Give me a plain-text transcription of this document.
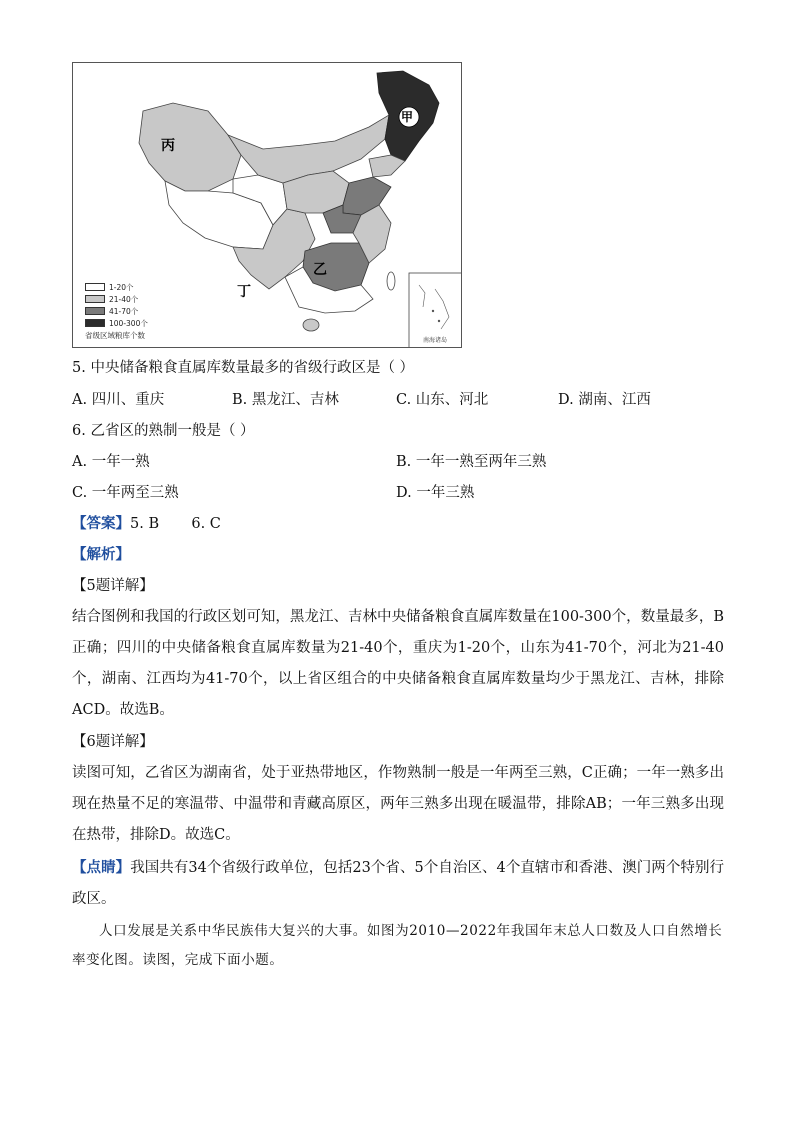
甲
乙
丙
丁
1-20个
21-40个
41-70个
100-300个
省级区域粮库个数
南海诸岛
5. 中央储备粮食直属库数量最多的省级行政区是（ ）
A. 四川、重庆	B. 黑龙江、吉林	C. 山东、河北	D. 湖南、江西
6. 乙省区的熟制一般是（ ）
A. 一年一熟	B. 一年一熟至两年三熟
C. 一年两至三熟	D. 一年三熟
【答案】5. B       6. C
【解析】
【5题详解】
结合图例和我国的行政区划可知，黑龙江、吉林中央储备粮食直属库数量在100-300个，数量最多，B正确；四川的中央储备粮食直属库数量为21-40个，重庆为1-20个，山东为41-70个，河北为21-40个，湖南、江西均为41-70个，以上省区组合的中央储备粮食直属库数量均少于黑龙江、吉林，排除ACD。故选B。
【6题详解】
读图可知，乙省区为湖南省，处于亚热带地区，作物熟制一般是一年两至三熟，C正确；一年一熟多出现在热量不足的寒温带、中温带和青藏高原区，两年三熟多出现在暖温带，排除AB；一年三熟多出现在热带，排除D。故选C。
【点睛】我国共有34个省级行政单位，包括23个省、5个自治区、4个直辖市和香港、澳门两个特别行政区。
人口发展是关系中华民族伟大复兴的大事。如图为2010—2022年我国年末总人口数及人口自然增长率变化图。读图，完成下面小题。
